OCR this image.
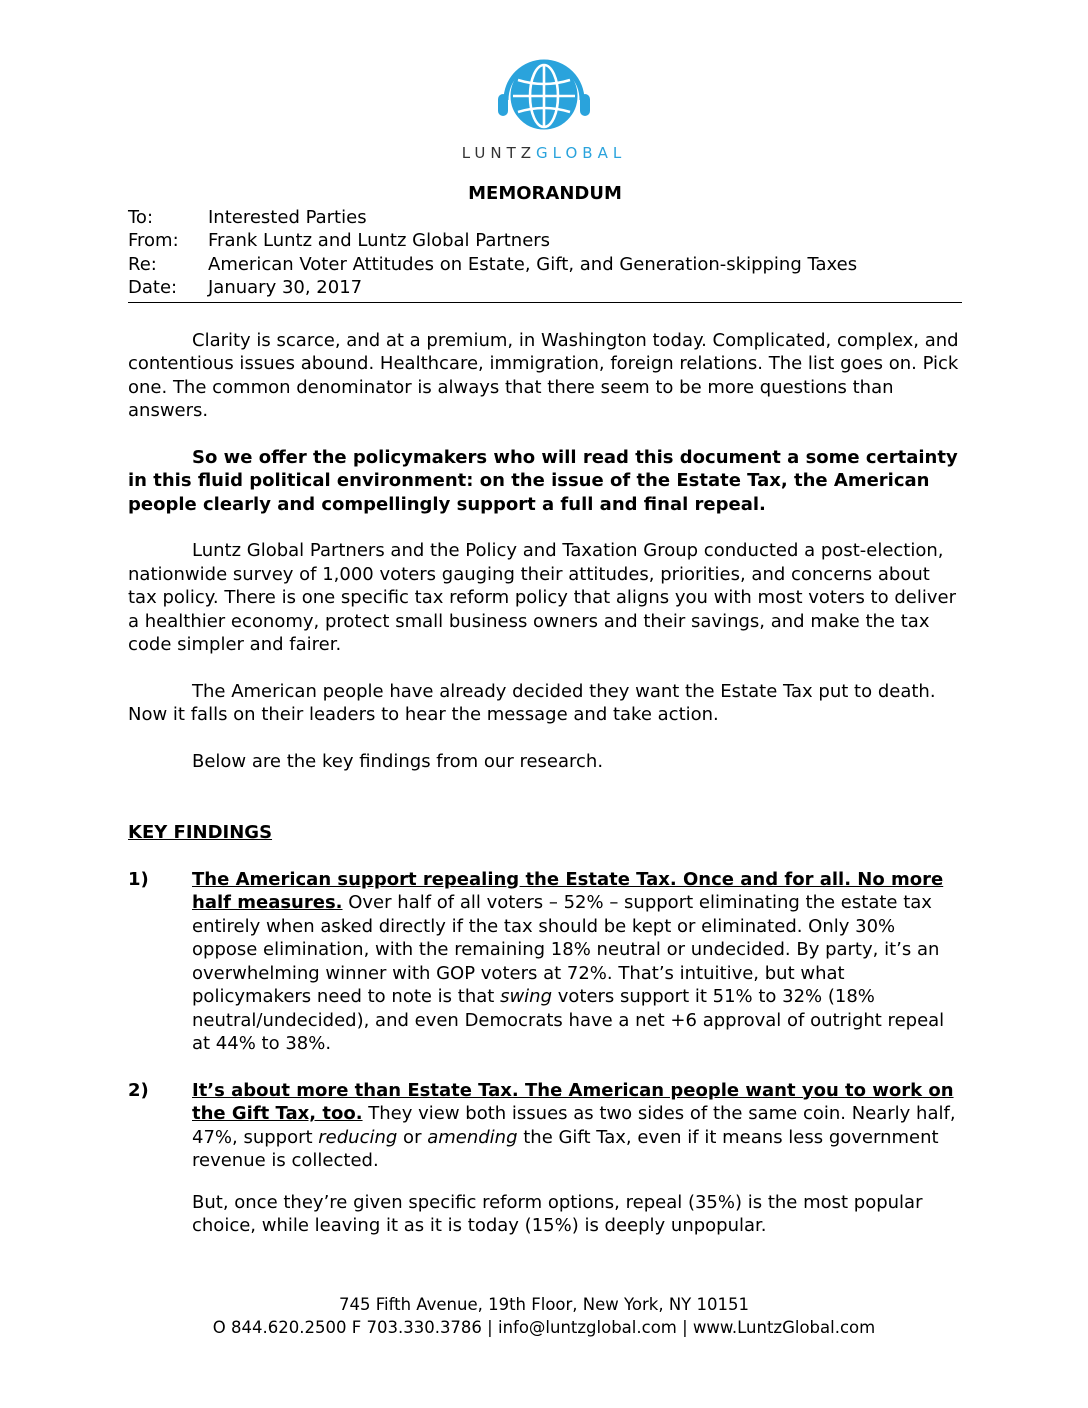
LUNTZGLOBAL
MEMORANDUM
To:	Interested Parties
From:	Frank Luntz and Luntz Global Partners
Re:	American Voter Attitudes on Estate, Gift, and Generation-skipping Taxes
Date:	January 30, 2017

Clarity is scarce, and at a premium, in Washington today. Complicated, complex, and contentious issues abound. Healthcare, immigration, foreign relations. The list goes on. Pick one. The common denominator is always that there seem to be more questions than answers.

So we offer the policymakers who will read this document a some certainty in this fluid political environment: on the issue of the Estate Tax, the American people clearly and compellingly support a full and final repeal.

Luntz Global Partners and the Policy and Taxation Group conducted a post-election, nationwide survey of 1,000 voters gauging their attitudes, priorities, and concerns about tax policy. There is one specific tax reform policy that aligns you with most voters to deliver a healthier economy, protect small business owners and their savings, and make the tax code simpler and fairer.

The American people have already decided they want the Estate Tax put to death. Now it falls on their leaders to hear the message and take action.

Below are the key findings from our research.

KEY FINDINGS
1)	The American support repealing the Estate Tax. Once and for all. No more half measures. Over half of all voters – 52% – support eliminating the estate tax entirely when asked directly if the tax should be kept or eliminated. Only 30% oppose elimination, with the remaining 18% neutral or undecided. By party, it’s an overwhelming winner with GOP voters at 72%. That’s intuitive, but what policymakers need to note is that swing voters support it 51% to 32% (18% neutral/undecided), and even Democrats have a net +6 approval of outright repeal at 44% to 38%.

2)	It’s about more than Estate Tax. The American people want you to work on the Gift Tax, too. They view both issues as two sides of the same coin. Nearly half, 47%, support reducing or amending the Gift Tax, even if it means less government revenue is collected.

But, once they’re given specific reform options, repeal (35%) is the most popular choice, while leaving it as it is today (15%) is deeply unpopular.

745 Fifth Avenue, 19th Floor, New York, NY 10151
O 844.620.2500 F 703.330.3786 | info@luntzglobal.com | www.LuntzGlobal.com
